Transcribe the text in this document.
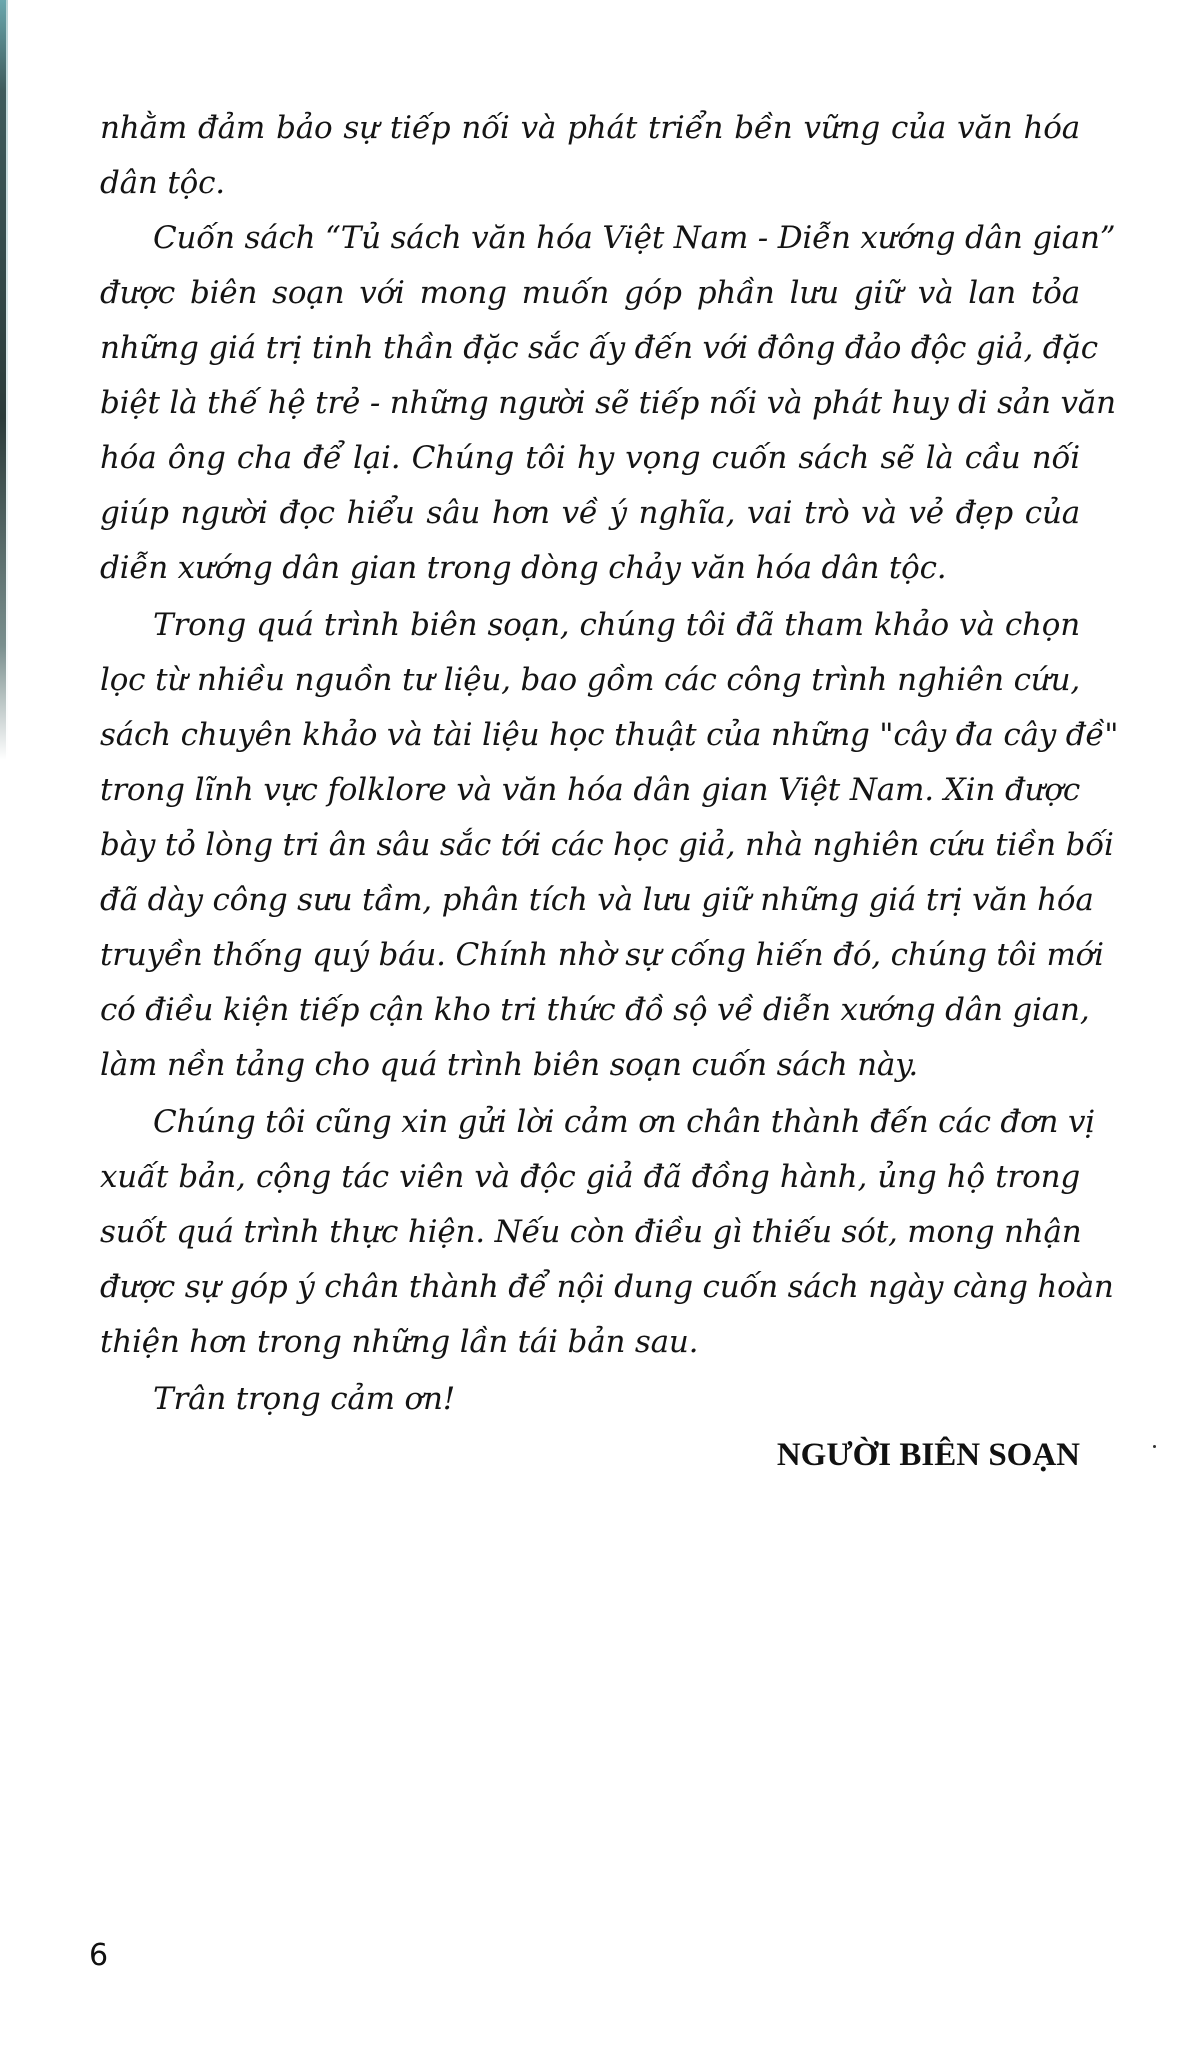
nhằm đảm bảo sự tiếp nối và phát triển bền vững của văn hóa
dân tộc.
Cuốn sách “Tủ sách văn hóa Việt Nam - Diễn xướng dân gian”
được biên soạn với mong muốn góp phần lưu giữ và lan tỏa
những giá trị tinh thần đặc sắc ấy đến với đông đảo độc giả, đặc
biệt là thế hệ trẻ - những người sẽ tiếp nối và phát huy di sản văn
hóa ông cha để lại. Chúng tôi hy vọng cuốn sách sẽ là cầu nối
giúp người đọc hiểu sâu hơn về ý nghĩa, vai trò và vẻ đẹp của
diễn xướng dân gian trong dòng chảy văn hóa dân tộc.
Trong quá trình biên soạn, chúng tôi đã tham khảo và chọn
lọc từ nhiều nguồn tư liệu, bao gồm các công trình nghiên cứu,
sách chuyên khảo và tài liệu học thuật của những "cây đa cây đề"
trong lĩnh vực folklore và văn hóa dân gian Việt Nam. Xin được
bày tỏ lòng tri ân sâu sắc tới các học giả, nhà nghiên cứu tiền bối
đã dày công sưu tầm, phân tích và lưu giữ những giá trị văn hóa
truyền thống quý báu. Chính nhờ sự cống hiến đó, chúng tôi mới
có điều kiện tiếp cận kho tri thức đồ sộ về diễn xướng dân gian,
làm nền tảng cho quá trình biên soạn cuốn sách này.
Chúng tôi cũng xin gửi lời cảm ơn chân thành đến các đơn vị
xuất bản, cộng tác viên và độc giả đã đồng hành, ủng hộ trong
suốt quá trình thực hiện. Nếu còn điều gì thiếu sót, mong nhận
được sự góp ý chân thành để nội dung cuốn sách ngày càng hoàn
thiện hơn trong những lần tái bản sau.
Trân trọng cảm ơn!
NGƯỜI BIÊN SOẠN
6
